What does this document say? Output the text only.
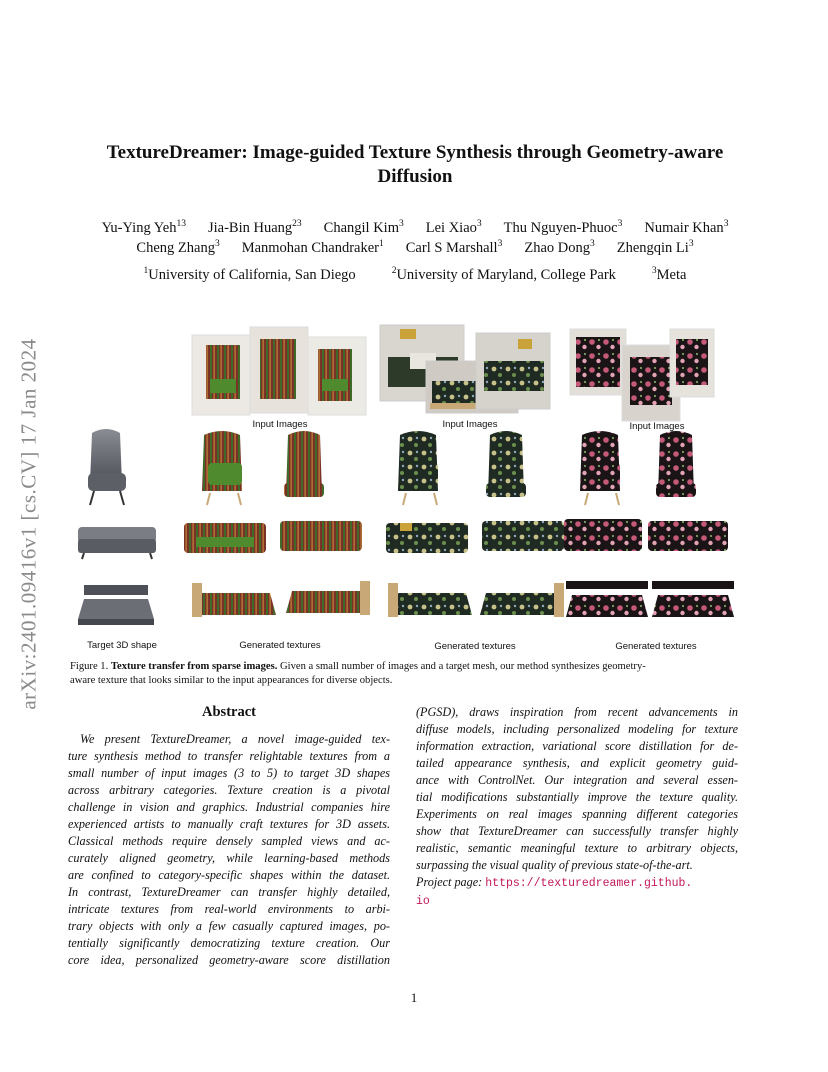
arXiv:2401.09416v1 [cs.CV] 17 Jan 2024
TextureDreamer: Image-guided Texture Synthesis through Geometry-aware
Diffusion
Yu-Ying Yeh$^{13}$ Jia-Bin Huang$^{23}$ Changil Kim$^3$ Lei Xiao$^3$ Thu Nguyen-Phuoc$^3$ Numair Khan$^3$
Cheng Zhang$^3$ Manmohan Chandraker$^1$ Carl S Marshall$^3$ Zhao Dong$^3$ Zhengqin Li$^3$
$^1$University of California, San Diego	$^2$University of Maryland, College Park	$^3$Meta
Input Images	Input Images	Input Images
Target 3D shape	Generated textures	Generated textures	Generated textures
Figure 1. Texture transfer from sparse images. Given a small number of images and a target mesh, our method synthesizes geometry-
aware texture that looks similar to the input appearances for diverse objects.
Abstract
We present TextureDreamer, a novel image-guided tex-
ture synthesis method to transfer relightable textures from a
small number of input images (3 to 5) to target 3D shapes
across arbitrary categories. Texture creation is a pivotal
challenge in vision and graphics. Industrial companies hire
experienced artists to manually craft textures for 3D assets.
Classical methods require densely sampled views and ac-
curately aligned geometry, while learning-based methods
are confined to category-specific shapes within the dataset.
In contrast, TextureDreamer can transfer highly detailed,
intricate textures from real-world environments to arbi-
trary objects with only a few casually captured images, po-
tentially significantly democratizing texture creation. Our
core idea, personalized geometry-aware score distillation
(PGSD), draws inspiration from recent advancements in
diffuse models, including personalized modeling for texture
information extraction, variational score distillation for de-
tailed appearance synthesis, and explicit geometry guid-
ance with ControlNet. Our integration and several essen-
tial modifications substantially improve the texture quality.
Experiments on real images spanning different categories
show that TextureDreamer can successfully transfer highly
realistic, semantic meaningful texture to arbitrary objects,
surpassing the visual quality of previous state-of-the-art.
Project page: https://texturedreamer.github.
io
1
